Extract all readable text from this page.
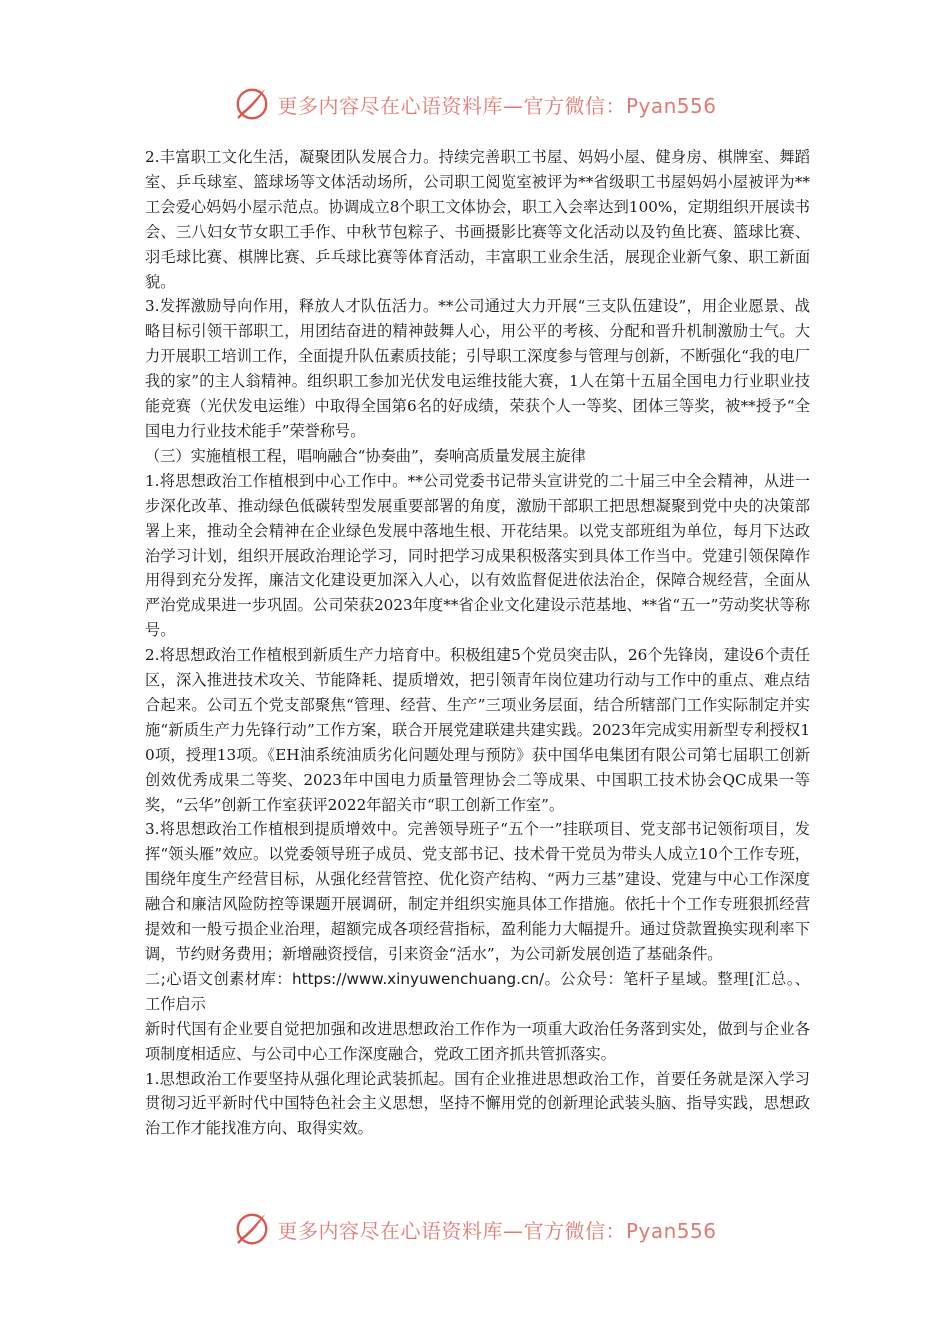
更多内容尽在心语资料库—官方微信：Pyan556

2.丰富职工文化生活，凝聚团队发展合力。持续完善职工书屋、妈妈小屋、健身房、棋牌室、舞蹈室、乒乓球室、篮球场等文体活动场所，公司职工阅览室被评为**省级职工书屋妈妈小屋被评为**工会爱心妈妈小屋示范点。协调成立8个职工文体协会，职工入会率达到100%，定期组织开展读书会、三八妇女节女职工手作、中秋节包粽子、书画摄影比赛等文化活动以及钓鱼比赛、篮球比赛、羽毛球比赛、棋牌比赛、乒乓球比赛等体育活动，丰富职工业余生活，展现企业新气象、职工新面貌。

3.发挥激励导向作用，释放人才队伍活力。**公司通过大力开展“三支队伍建设”，用企业愿景、战略目标引领干部职工，用团结奋进的精神鼓舞人心，用公平的考核、分配和晋升机制激励士气。大力开展职工培训工作，全面提升队伍素质技能；引导职工深度参与管理与创新，不断强化“我的电厂我的家”的主人翁精神。组织职工参加光伏发电运维技能大赛，1人在第十五届全国电力行业职业技能竞赛（光伏发电运维）中取得全国第6名的好成绩，荣获个人一等奖、团体三等奖，被**授予“全国电力行业技术能手”荣誉称号。

（三）实施植根工程，唱响融合“协奏曲”，奏响高质量发展主旋律

1.将思想政治工作植根到中心工作中。**公司党委书记带头宣讲党的二十届三中全会精神，从进一步深化改革、推动绿色低碳转型发展重要部署的角度，激励干部职工把思想凝聚到党中央的决策部署上来，推动全会精神在企业绿色发展中落地生根、开花结果。以党支部班组为单位，每月下达政治学习计划，组织开展政治理论学习，同时把学习成果积极落实到具体工作当中。党建引领保障作用得到充分发挥，廉洁文化建设更加深入人心，以有效监督促进依法治企，保障合规经营，全面从严治党成果进一步巩固。公司荣获2023年度**省企业文化建设示范基地、**省“五一”劳动奖状等称号。

2.将思想政治工作植根到新质生产力培育中。积极组建5个党员突击队，26个先锋岗，建设6个责任区，深入推进技术攻关、节能降耗、提质增效，把引领青年岗位建功行动与工作中的重点、难点结合起来。公司五个党支部聚焦“管理、经营、生产”三项业务层面，结合所辖部门工作实际制定并实施“新质生产力先锋行动”工作方案，联合开展党建联建共建实践。2023年完成实用新型专利授权10项，授理13项。《EH油系统油质劣化问题处理与预防》获中国华电集团有限公司第七届职工创新创效优秀成果二等奖、2023年中国电力质量管理协会二等成果、中国职工技术协会QC成果一等奖，“云华”创新工作室获评2022年韶关市“职工创新工作室”。

3.将思想政治工作植根到提质增效中。完善领导班子“五个一”挂联项目、党支部书记领衔项目，发挥“领头雁”效应。以党委领导班子成员、党支部书记、技术骨干党员为带头人成立10个工作专班，围绕年度生产经营目标，从强化经营管控、优化资产结构、“两力三基”建设、党建与中心工作深度融合和廉洁风险防控等课题开展调研，制定并组织实施具体工作措施。依托十个工作专班狠抓经营提效和一般亏损企业治理，超额完成各项经营指标，盈利能力大幅提升。通过贷款置换实现利率下调，节约财务费用；新增融资授信，引来资金“活水”，为公司新发展创造了基础条件。

二;心语文创素材库：https://www.xinyuwenchuang.cn/。公众号：笔杆子星域。整理[汇总。、工作启示

新时代国有企业要自觉把加强和改进思想政治工作作为一项重大政治任务落到实处，做到与企业各项制度相适应、与公司中心工作深度融合，党政工团齐抓共管抓落实。

1.思想政治工作要坚持从强化理论武装抓起。国有企业推进思想政治工作，首要任务就是深入学习贯彻习近平新时代中国特色社会主义思想，坚持不懈用党的创新理论武装头脑、指导实践，思想政治工作才能找准方向、取得实效。

更多内容尽在心语资料库—官方微信：Pyan556
